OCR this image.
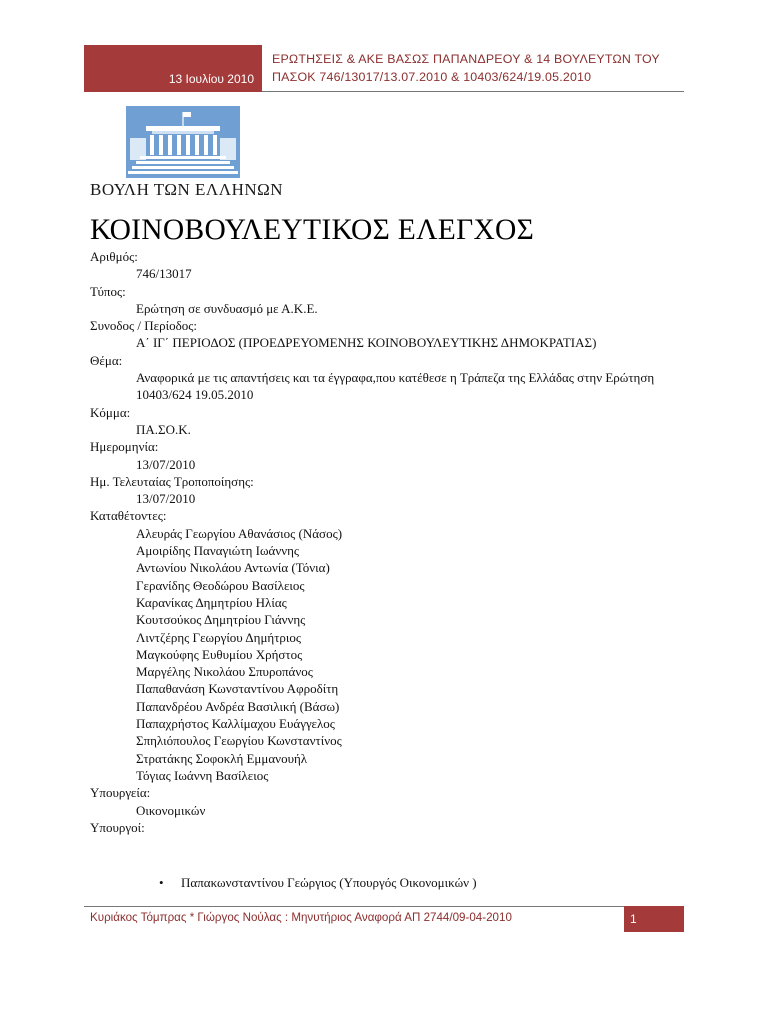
13 Ιουλίου 2010
ΕΡΩΤΗΣΕΙΣ & ΑΚΕ ΒΑΣΩΣ ΠΑΠΑΝΔΡΕΟΥ & 14 ΒΟΥΛΕΥΤΩΝ ΤΟΥ
ΠΑΣΟΚ 746/13017/13.07.2010 & 10403/624/19.05.2010
ΒΟΥΛΗ ΤΩΝ ΕΛΛΗΝΩΝ
ΚΟΙΝΟΒΟΥΛΕΥΤΙΚΟΣ ΕΛΕΓΧΟΣ
Αριθμός:
746/13017
Τύπος:
Ερώτηση σε συνδυασμό με Α.Κ.Ε.
Συνοδος / Περίοδος:
Α΄ ΙΓ΄ ΠΕΡΙΟΔΟΣ (ΠΡΟΕΔΡΕΥΟΜΕΝΗΣ ΚΟΙΝΟΒΟΥΛΕΥΤΙΚΗΣ ΔΗΜΟΚΡΑΤΙΑΣ)
Θέμα:
Αναφορικά με τις απαντήσεις και τα έγγραφα,που κατέθεσε η Τράπεζα της Ελλάδας στην Ερώτηση 10403/624 19.05.2010
Κόμμα:
ΠΑ.ΣΟ.Κ.
Ημερομηνία:
13/07/2010
Ημ. Τελευταίας Τροποποίησης:
13/07/2010
Καταθέτοντες:
Αλευράς Γεωργίου Αθανάσιος (Νάσος)
Αμοιρίδης Παναγιώτη Ιωάννης
Αντωνίου Νικολάου Αντωνία (Τόνια)
Γερανίδης Θεοδώρου Βασίλειος
Καρανίκας Δημητρίου Ηλίας
Κουτσούκος Δημητρίου Γιάννης
Λιντζέρης Γεωργίου Δημήτριος
Μαγκούφης Ευθυμίου Χρήστος
Μαργέλης Νικολάου Σπυροπάνος
Παπαθανάση Κωνσταντίνου Αφροδίτη
Παπανδρέου Ανδρέα Βασιλική (Βάσω)
Παπαχρήστος Καλλίμαχου Ευάγγελος
Σπηλιόπουλος Γεωργίου Κωνσταντίνος
Στρατάκης Σοφοκλή Εμμανουήλ
Τόγιας Ιωάννη Βασίλειος
Υπουργεία:
Οικονομικών
Υπουργοί:
• Παπακωνσταντίνου Γεώργιος (Υπουργός Οικονομικών )
Κυριάκος Τόμπρας * Γιώργος Νούλας : Μηνυτήριος Αναφορά ΑΠ 2744/09-04-2010	1
